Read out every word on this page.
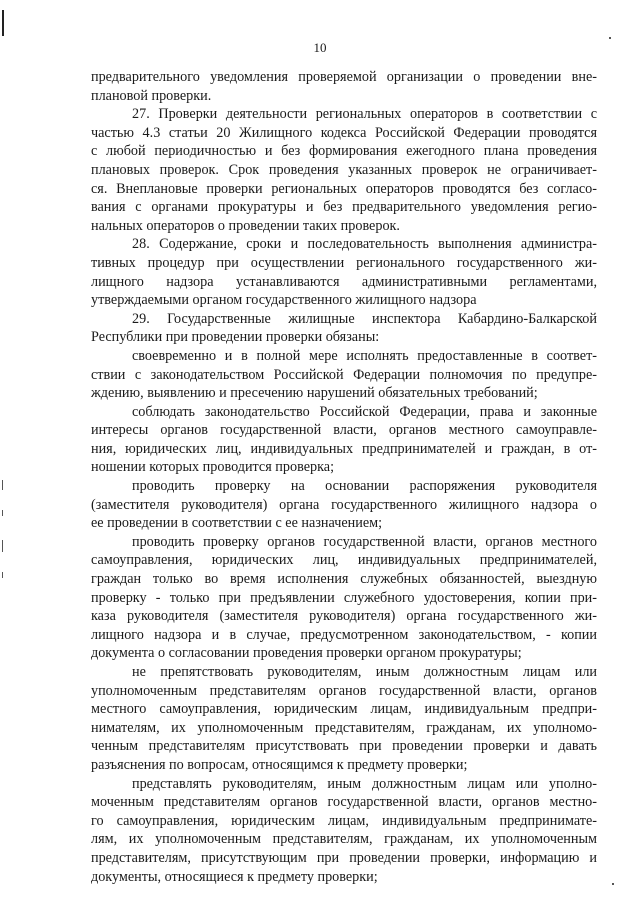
10
предварительного уведомления проверяемой организации о проведении вне-
плановой проверки.
27. Проверки деятельности региональных операторов в соответствии с
частью 4.3 статьи 20 Жилищного кодекса Российской Федерации проводятся
с любой периодичностью и без формирования ежегодного плана проведения
плановых проверок. Срок проведения указанных проверок не ограничивает-
ся. Внеплановые проверки региональных операторов проводятся без согласо-
вания с органами прокуратуры и без предварительного уведомления регио-
нальных операторов о проведении таких проверок.
28. Содержание, сроки и последовательность выполнения администра-
тивных процедур при осуществлении регионального государственного жи-
лищного надзора устанавливаются административными регламентами,
утверждаемыми органом государственного жилищного надзора
29. Государственные жилищные инспектора Кабардино-Балкарской
Республики при проведении проверки обязаны:
своевременно и в полной мере исполнять предоставленные в соответ-
ствии с законодательством Российской Федерации полномочия по предупре-
ждению, выявлению и пресечению нарушений обязательных требований;
соблюдать законодательство Российской Федерации, права и законные
интересы органов государственной власти, органов местного самоуправле-
ния, юридических лиц, индивидуальных предпринимателей и граждан, в от-
ношении которых проводится проверка;
проводить проверку на основании распоряжения руководителя
(заместителя руководителя) органа государственного жилищного надзора о
ее проведении в соответствии с ее назначением;
проводить проверку органов государственной власти, органов местного
самоуправления, юридических лиц, индивидуальных предпринимателей,
граждан только во время исполнения служебных обязанностей, выездную
проверку - только при предъявлении служебного удостоверения, копии при-
каза руководителя (заместителя руководителя) органа государственного жи-
лищного надзора и в случае, предусмотренном законодательством, - копии
документа о согласовании проведения проверки органом прокуратуры;
не препятствовать руководителям, иным должностным лицам или
уполномоченным представителям органов государственной власти, органов
местного самоуправления, юридическим лицам, индивидуальным предпри-
нимателям, их уполномоченным представителям, гражданам, их уполномо-
ченным представителям присутствовать при проведении проверки и давать
разъяснения по вопросам, относящимся к предмету проверки;
представлять руководителям, иным должностным лицам или уполно-
моченным представителям органов государственной власти, органов местно-
го самоуправления, юридическим лицам, индивидуальным предпринимате-
лям, их уполномоченным представителям, гражданам, их уполномоченным
представителям, присутствующим при проведении проверки, информацию и
документы, относящиеся к предмету проверки;
